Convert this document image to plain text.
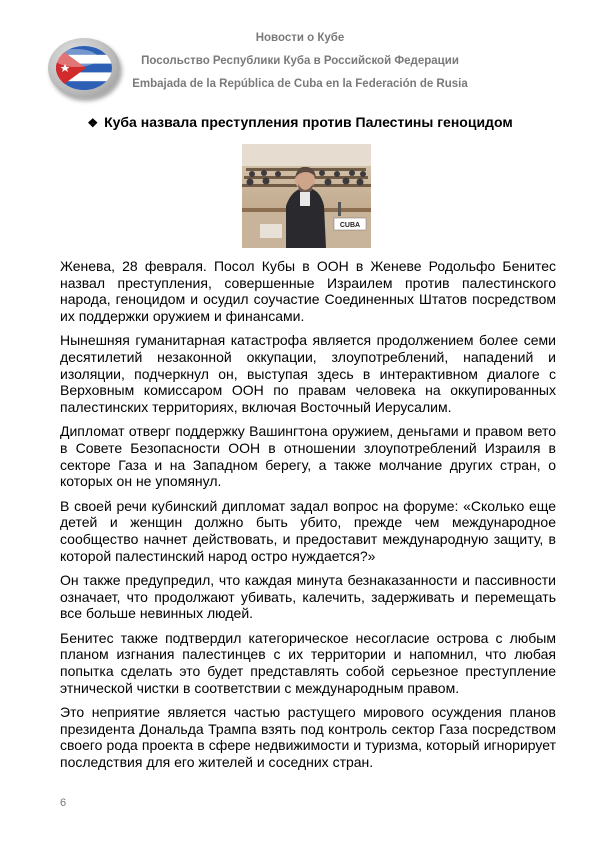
Новости о Кубе
Посольство Республики Куба в Российской Федерации
Embajada de la República de Cuba en la Federación de Rusia
❖ Куба назвала преступления против Палестины геноцидом
CUBA

Женева, 28 февраля. Посол Кубы в ООН в Женеве Родольфо Бенитес назвал преступления, совершенные Израилем против палестинского народа, геноцидом и осудил соучастие Соединенных Штатов посредством их поддержки оружием и финансами.

Нынешняя гуманитарная катастрофа является продолжением более семи десятилетий незаконной оккупации, злоупотреблений, нападений и изоляции, подчеркнул он, выступая здесь в интерактивном диалоге с Верховным комиссаром ООН по правам человека на оккупированных палестинских территориях, включая Восточный Иерусалим.

Дипломат отверг поддержку Вашингтона оружием, деньгами и правом вето в Совете Безопасности ООН в отношении злоупотреблений Израиля в секторе Газа и на Западном берегу, а также молчание других стран, о которых он не упомянул.

В своей речи кубинский дипломат задал вопрос на форуме: «Сколько еще детей и женщин должно быть убито, прежде чем международное сообщество начнет действовать, и предоставит международную защиту, в которой палестинский народ остро нуждается?»

Он также предупредил, что каждая минута безнаказанности и пассивности означает, что продолжают убивать, калечить, задерживать и перемещать все больше невинных людей.

Бенитес также подтвердил категорическое несогласие острова с любым планом изгнания палестинцев с их территории и напомнил, что любая попытка сделать это будет представлять собой серьезное преступление этнической чистки в соответствии с международным правом.

Это неприятие является частью растущего мирового осуждения планов президента Дональда Трампа взять под контроль сектор Газа посредством своего рода проекта в сфере недвижимости и туризма, который игнорирует последствия для его жителей и соседних стран.

6
